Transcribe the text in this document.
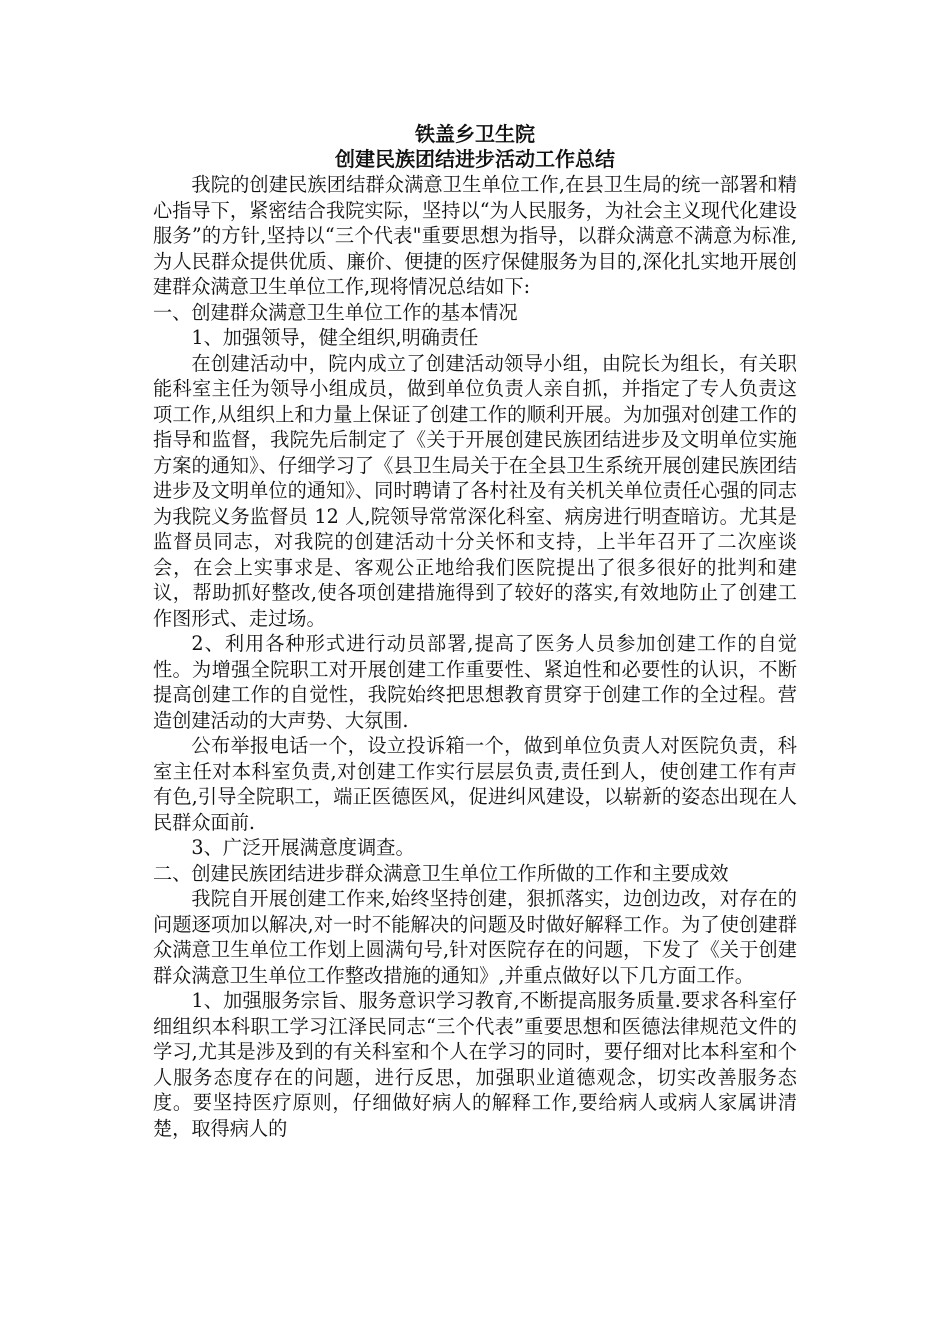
铁盖乡卫生院
创建民族团结进步活动工作总结

我院的创建民族团结群众满意卫生单位工作,在县卫生局的统一部署和精心指导下，紧密结合我院实际，坚持以“为人民服务，为社会主义现代化建设服务”的方针,坚持以“三个代表"重要思想为指导，以群众满意不满意为标准,为人民群众提供优质、廉价、便捷的医疗保健服务为目的,深化扎实地开展创建群众满意卫生单位工作,现将情况总结如下:

一、创建群众满意卫生单位工作的基本情况

1、加强领导，健全组织,明确责任

在创建活动中，院内成立了创建活动领导小组，由院长为组长，有关职能科室主任为领导小组成员，做到单位负责人亲自抓，并指定了专人负责这项工作,从组织上和力量上保证了创建工作的顺利开展。为加强对创建工作的指导和监督，我院先后制定了《关于开展创建民族团结进步及文明单位实施方案的通知》、仔细学习了《县卫生局关于在全县卫生系统开展创建民族团结进步及文明单位的通知》、同时聘请了各村社及有关机关单位责任心强的同志为我院义务监督员 12 人,院领导常常深化科室、病房进行明查暗访。尤其是监督员同志，对我院的创建活动十分关怀和支持，上半年召开了二次座谈会，在会上实事求是、客观公正地给我们医院提出了很多很好的批判和建议，帮助抓好整改,使各项创建措施得到了较好的落实,有效地防止了创建工作图形式、走过场。

2、利用各种形式进行动员部署,提高了医务人员参加创建工作的自觉性。为增强全院职工对开展创建工作重要性、紧迫性和必要性的认识，不断提高创建工作的自觉性，我院始终把思想教育贯穿于创建工作的全过程。营造创建活动的大声势、大氛围.

公布举报电话一个，设立投诉箱一个，做到单位负责人对医院负责，科室主任对本科室负责,对创建工作实行层层负责,责任到人，使创建工作有声有色,引导全院职工，端正医德医风，促进纠风建设，以崭新的姿态出现在人民群众面前.

3、广泛开展满意度调查。

二、创建民族团结进步群众满意卫生单位工作所做的工作和主要成效

我院自开展创建工作来,始终坚持创建，狠抓落实，边创边改，对存在的问题逐项加以解决,对一时不能解决的问题及时做好解释工作。为了使创建群众满意卫生单位工作划上圆满句号,针对医院存在的问题，下发了《关于创建群众满意卫生单位工作整改措施的通知》,并重点做好以下几方面工作。

1、加强服务宗旨、服务意识学习教育,不断提高服务质量.要求各科室仔细组织本科职工学习江泽民同志“三个代表”重要思想和医德法律规范文件的学习,尤其是涉及到的有关科室和个人在学习的同时，要仔细对比本科室和个人服务态度存在的问题，进行反思，加强职业道德观念，切实改善服务态度。要坚持医疗原则，仔细做好病人的解释工作,要给病人或病人家属讲清楚，取得病人的
